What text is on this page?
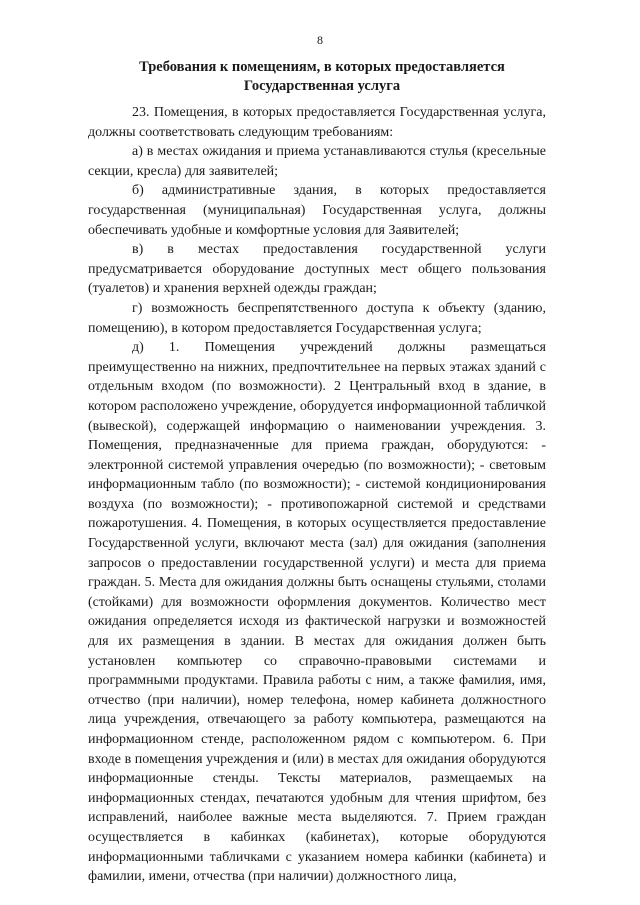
8
Требования к помещениям, в которых предоставляется
Государственная услуга

23. Помещения, в которых предоставляется Государственная услуга, должны соответствовать следующим требованиям:

а) в местах ожидания и приема устанавливаются стулья (кресельные секции, кресла) для заявителей;

б) административные здания, в которых предоставляется государственная (муниципальная) Государственная услуга, должны обеспечивать удобные и комфортные условия для Заявителей;

в) в местах предоставления государственной услуги предусматривается оборудование доступных мест общего пользования (туалетов) и хранения верхней одежды граждан;

г) возможность беспрепятственного доступа к объекту (зданию, помещению), в котором предоставляется Государственная услуга;

д) 1. Помещения учреждений должны размещаться преимущественно на нижних, предпочтительнее на первых этажах зданий с отдельным входом (по возможности). 2 Центральный вход в здание, в котором расположено учреждение, оборудуется информационной табличкой (вывеской), содержащей информацию о наименовании учреждения. 3. Помещения, предназначенные для приема граждан, оборудуются: - электронной системой управления очередью (по возможности); - световым информационным табло (по возможности); - системой кондиционирования воздуха (по возможности); - противопожарной системой и средствами пожаротушения. 4. Помещения, в которых осуществляется предоставление Государственной услуги, включают места (зал) для ожидания (заполнения запросов о предоставлении государственной услуги) и места для приема граждан. 5. Места для ожидания должны быть оснащены стульями, столами (стойками) для возможности оформления документов. Количество мест ожидания определяется исходя из фактической нагрузки и возможностей для их размещения в здании. В местах для ожидания должен быть установлен компьютер со справочно-правовыми системами и программными продуктами. Правила работы с ним, а также фамилия, имя, отчество (при наличии), номер телефона, номер кабинета должностного лица учреждения, отвечающего за работу компьютера, размещаются на информационном стенде, расположенном рядом с компьютером. 6. При входе в помещения учреждения и (или) в местах для ожидания оборудуются информационные стенды. Тексты материалов, размещаемых на информационных стендах, печатаются удобным для чтения шрифтом, без исправлений, наиболее важные места выделяются. 7. Прием граждан осуществляется в кабинках (кабинетах), которые оборудуются информационными табличками с указанием номера кабинки (кабинета) и фамилии, имени, отчества (при наличии) должностного лица,
